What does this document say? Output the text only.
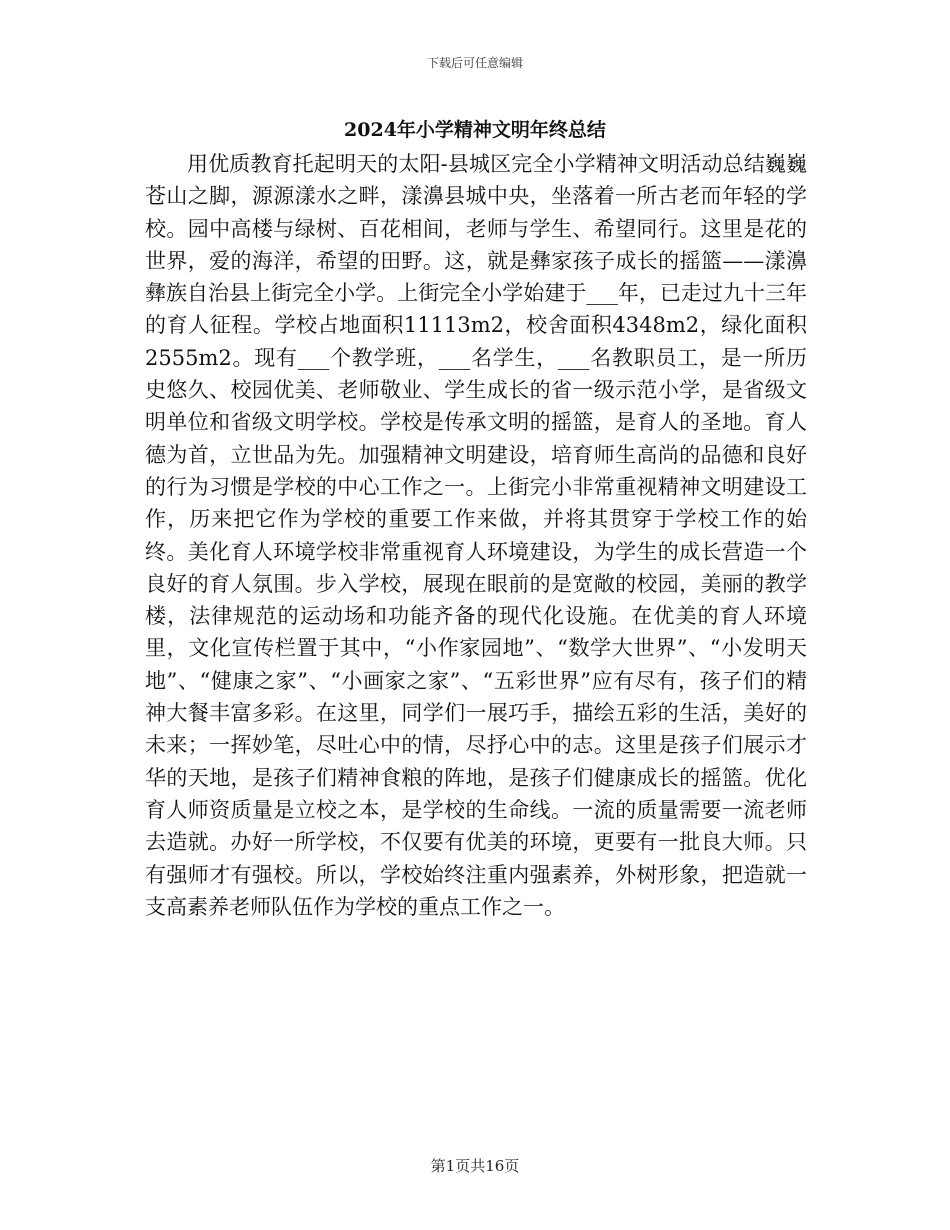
下载后可任意编辑
2024年小学精神文明年终总结

用优质教育托起明天的太阳-县城区完全小学精神文明活动总结巍巍苍山之脚，源源漾水之畔，漾濞县城中央，坐落着一所古老而年轻的学校。园中高楼与绿树、百花相间，老师与学生、希望同行。这里是花的世界，爱的海洋，希望的田野。这，就是彝家孩子成长的摇篮——漾濞彝族自治县上街完全小学。上街完全小学始建于___年，已走过九十三年的育人征程。学校占地面积11113m2，校舍面积4348m2，绿化面积2555m2。现有___个教学班，___名学生，___名教职员工，是一所历史悠久、校园优美、老师敬业、学生成长的省一级示范小学，是省级文明单位和省级文明学校。学校是传承文明的摇篮，是育人的圣地。育人德为首，立世品为先。加强精神文明建设，培育师生高尚的品德和良好的行为习惯是学校的中心工作之一。上街完小非常重视精神文明建设工作，历来把它作为学校的重要工作来做，并将其贯穿于学校工作的始终。美化育人环境学校非常重视育人环境建设，为学生的成长营造一个良好的育人氛围。步入学校，展现在眼前的是宽敞的校园，美丽的教学楼，法律规范的运动场和功能齐备的现代化设施。在优美的育人环境里，文化宣传栏置于其中，“小作家园地”、“数学大世界”、“小发明天地”、“健康之家”、“小画家之家”、“五彩世界”应有尽有，孩子们的精神大餐丰富多彩。在这里，同学们一展巧手，描绘五彩的生活，美好的未来；一挥妙笔，尽吐心中的情，尽抒心中的志。这里是孩子们展示才华的天地，是孩子们精神食粮的阵地，是孩子们健康成长的摇篮。优化育人师资质量是立校之本，是学校的生命线。一流的质量需要一流老师去造就。办好一所学校，不仅要有优美的环境，更要有一批良大师。只有强师才有强校。所以，学校始终注重内强素养，外树形象，把造就一支高素养老师队伍作为学校的重点工作之一。

第1页共16页
